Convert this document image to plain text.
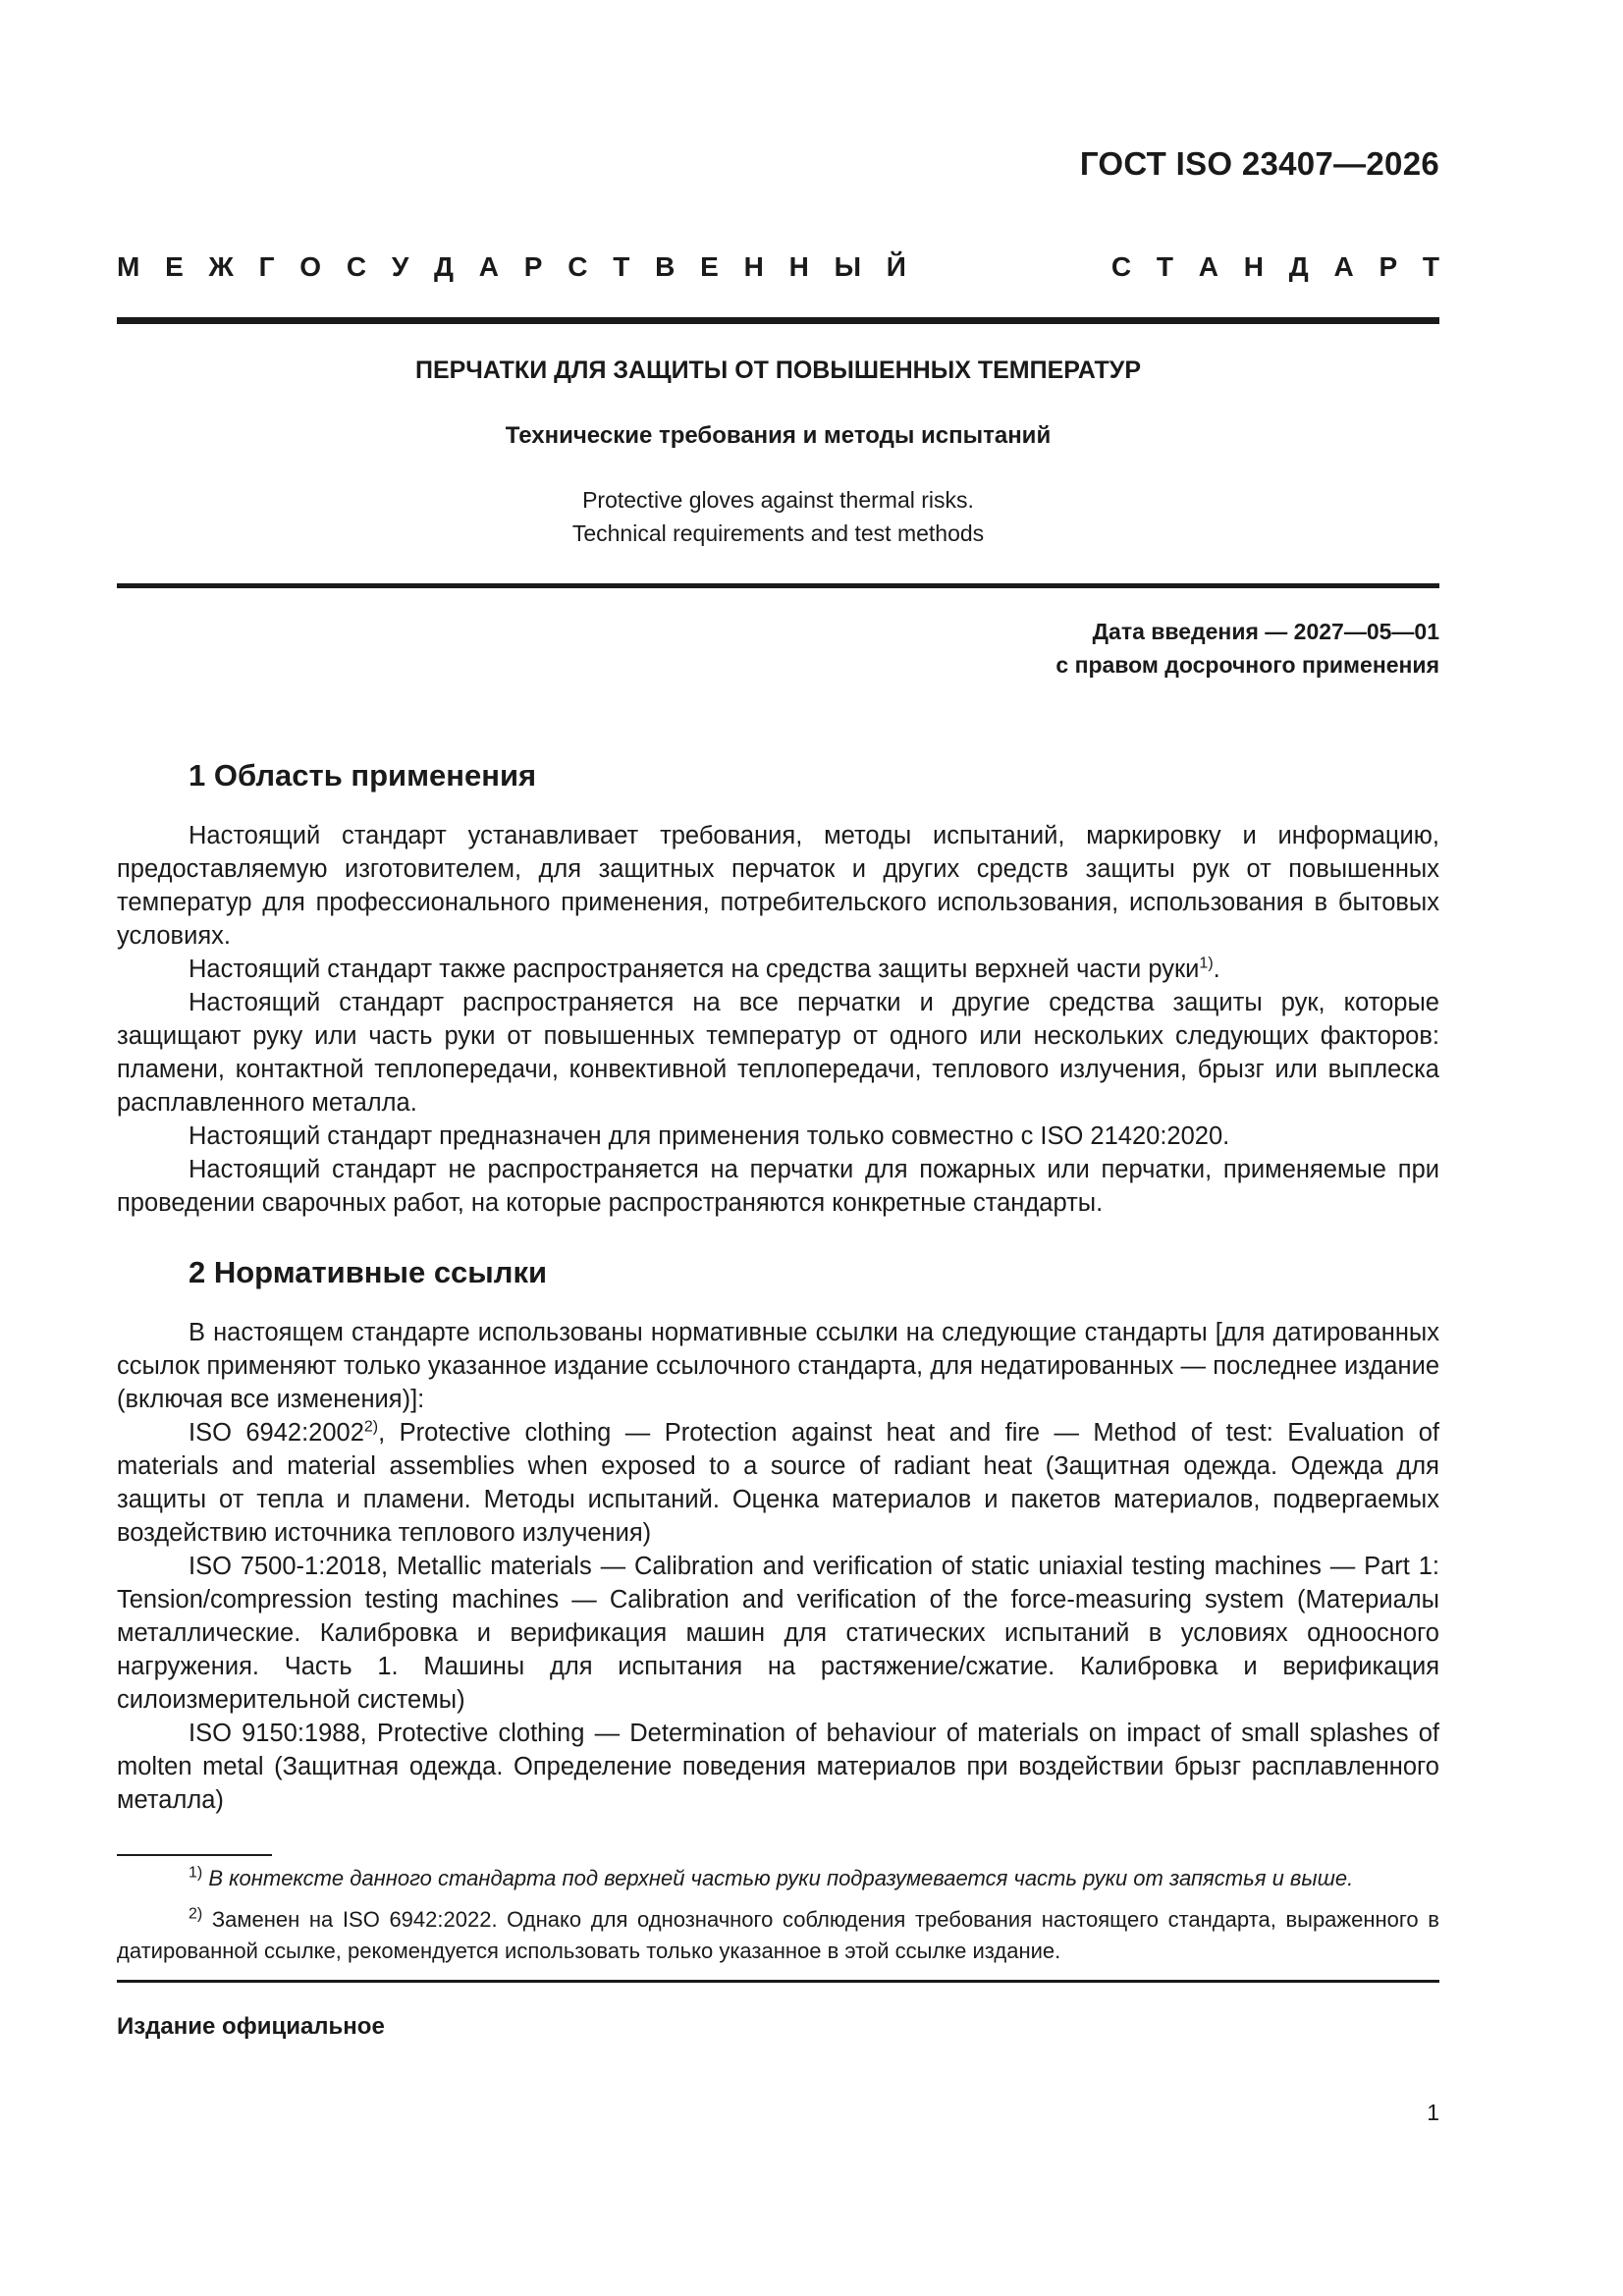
ГОСТ ISO 23407—2026
М Е Ж Г О С У Д А Р С Т В Е Н Н Ы Й	С Т А Н Д А Р Т
ПЕРЧАТКИ ДЛЯ ЗАЩИТЫ ОТ ПОВЫШЕННЫХ ТЕМПЕРАТУР
Технические требования и методы испытаний
Protective gloves against thermal risks.
Technical requirements and test methods
Дата введения — 2027—05—01
с правом досрочного применения
1 Область применения

Настоящий стандарт устанавливает требования, методы испытаний, маркировку и информацию, предоставляемую изготовителем, для защитных перчаток и других средств защиты рук от повышенных температур для профессионального применения, потребительского использования, использования в бытовых условиях.

Настоящий стандарт также распространяется на средства защиты верхней части руки$^{1)}$.

Настоящий стандарт распространяется на все перчатки и другие средства защиты рук, которые защищают руку или часть руки от повышенных температур от одного или нескольких следующих факторов: пламени, контактной теплопередачи, конвективной теплопередачи, теплового излучения, брызг или выплеска расплавленного металла.

Настоящий стандарт предназначен для применения только совместно с ISO 21420:2020.

Настоящий стандарт не распространяется на перчатки для пожарных или перчатки, применяемые при проведении сварочных работ, на которые распространяются конкретные стандарты.

2 Нормативные ссылки

В настоящем стандарте использованы нормативные ссылки на следующие стандарты [для датированных ссылок применяют только указанное издание ссылочного стандарта, для недатированных — последнее издание (включая все изменения)]:

ISO 6942:2002$^{2)}$, Protective clothing — Protection against heat and fire — Method of test: Evaluation of materials and material assemblies when exposed to a source of radiant heat (Защитная одежда. Одежда для защиты от тепла и пламени. Методы испытаний. Оценка материалов и пакетов материалов, подвергаемых воздействию источника теплового излучения)

ISO 7500-1:2018, Metallic materials — Calibration and verification of static uniaxial testing machines — Part 1: Tension/compression testing machines — Calibration and verification of the force-measuring system (Материалы металлические. Калибровка и верификация машин для статических испытаний в условиях одноосного нагружения. Часть 1. Машины для испытания на растяжение/сжатие. Калибровка и верификация силоизмерительной системы)

ISO 9150:1988, Protective clothing — Determination of behaviour of materials on impact of small splashes of molten metal (Защитная одежда. Определение поведения материалов при воздействии брызг расплавленного металла)

$^{1)}$ В контексте данного стандарта под верхней частью руки подразумевается часть руки от запястья и выше.

$^{2)}$ Заменен на ISO 6942:2022. Однако для однозначного соблюдения требования настоящего стандарта, выраженного в датированной ссылке, рекомендуется использовать только указанное в этой ссылке издание.

Издание официальное
1
